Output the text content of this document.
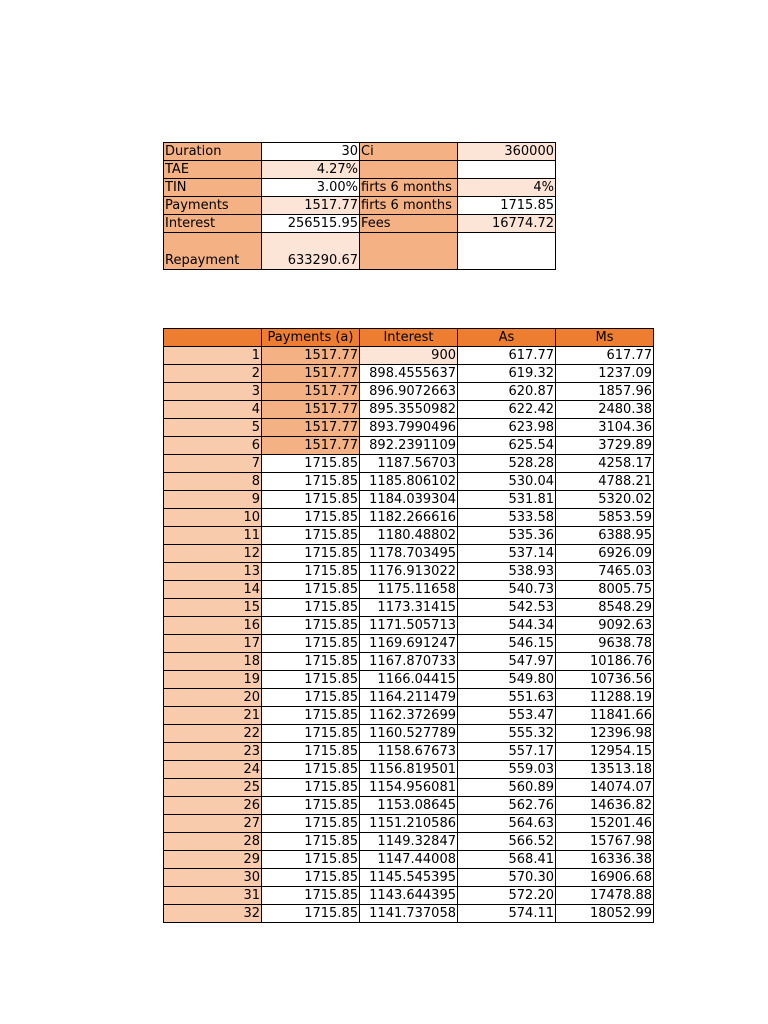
Duration	30	Ci	360000
TAE	4.27%		
TIN	3.00%	firts 6 months	4%
Payments	1517.77	firts 6 months	1715.85
Interest	256515.95	Fees	16774.72
Repayment	633290.67		
	Payments (a)	Interest	As	Ms
1	1517.77	900	617.77	617.77
2	1517.77	898.4555637	619.32	1237.09
3	1517.77	896.9072663	620.87	1857.96
4	1517.77	895.3550982	622.42	2480.38
5	1517.77	893.7990496	623.98	3104.36
6	1517.77	892.2391109	625.54	3729.89
7	1715.85	1187.56703	528.28	4258.17
8	1715.85	1185.806102	530.04	4788.21
9	1715.85	1184.039304	531.81	5320.02
10	1715.85	1182.266616	533.58	5853.59
11	1715.85	1180.48802	535.36	6388.95
12	1715.85	1178.703495	537.14	6926.09
13	1715.85	1176.913022	538.93	7465.03
14	1715.85	1175.11658	540.73	8005.75
15	1715.85	1173.31415	542.53	8548.29
16	1715.85	1171.505713	544.34	9092.63
17	1715.85	1169.691247	546.15	9638.78
18	1715.85	1167.870733	547.97	10186.76
19	1715.85	1166.04415	549.80	10736.56
20	1715.85	1164.211479	551.63	11288.19
21	1715.85	1162.372699	553.47	11841.66
22	1715.85	1160.527789	555.32	12396.98
23	1715.85	1158.67673	557.17	12954.15
24	1715.85	1156.819501	559.03	13513.18
25	1715.85	1154.956081	560.89	14074.07
26	1715.85	1153.08645	562.76	14636.82
27	1715.85	1151.210586	564.63	15201.46
28	1715.85	1149.32847	566.52	15767.98
29	1715.85	1147.44008	568.41	16336.38
30	1715.85	1145.545395	570.30	16906.68
31	1715.85	1143.644395	572.20	17478.88
32	1715.85	1141.737058	574.11	18052.99
